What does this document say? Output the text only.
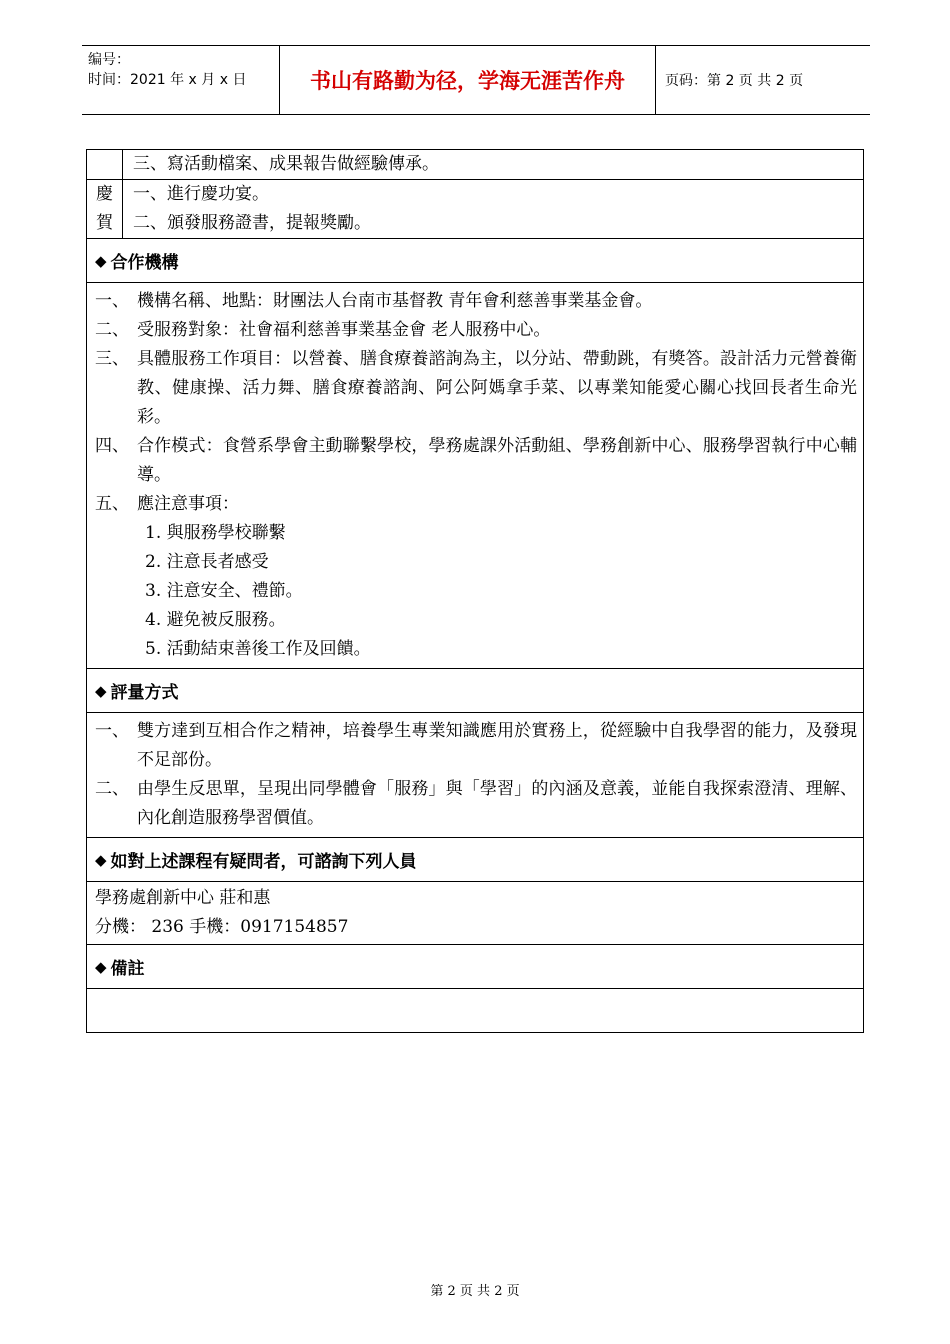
编号：
时间：2021 年 x 月 x 日	书山有路勤为径，学海无涯苦作舟	页码：第 2 页 共 2 页
三、寫活動檔案、成果報告做經驗傳承。
慶
賀
一、進行慶功宴。
二、頒發服務證書，提報獎勵。
◆ 合作機構
一、 機構名稱、地點：財團法人台南市基督教 青年會利慈善事業基金會。
二、 受服務對象：社會福利慈善事業基金會 老人服務中心。
三、 具體服務工作項目：以營養、膳食療養諮詢為主，以分站、帶動跳，有獎答。設計活力元營養衛教、健康操、活力舞、膳食療養諮詢、阿公阿媽拿手菜、以專業知能愛心關心找回長者生命光彩。
四、 合作模式：食營系學會主動聯繫學校，學務處課外活動組、學務創新中心、服務學習執行中心輔導。
五、 應注意事項：
1. 與服務學校聯繫
2. 注意長者感受
3. 注意安全、禮節。
4. 避免被反服務。
5. 活動結束善後工作及回饋。
◆ 評量方式
一、 雙方達到互相合作之精神，培養學生專業知識應用於實務上，從經驗中自我學習的能力，及發現不足部份。
二、 由學生反思單，呈現出同學體會「服務」與「學習」的內涵及意義，並能自我探索澄清、理解、內化創造服務學習價值。
◆ 如對上述課程有疑問者，可諮詢下列人員
學務處創新中心 莊和惠
分機： 236 手機：0917154857
◆ 備註
第 2 页 共 2 页
